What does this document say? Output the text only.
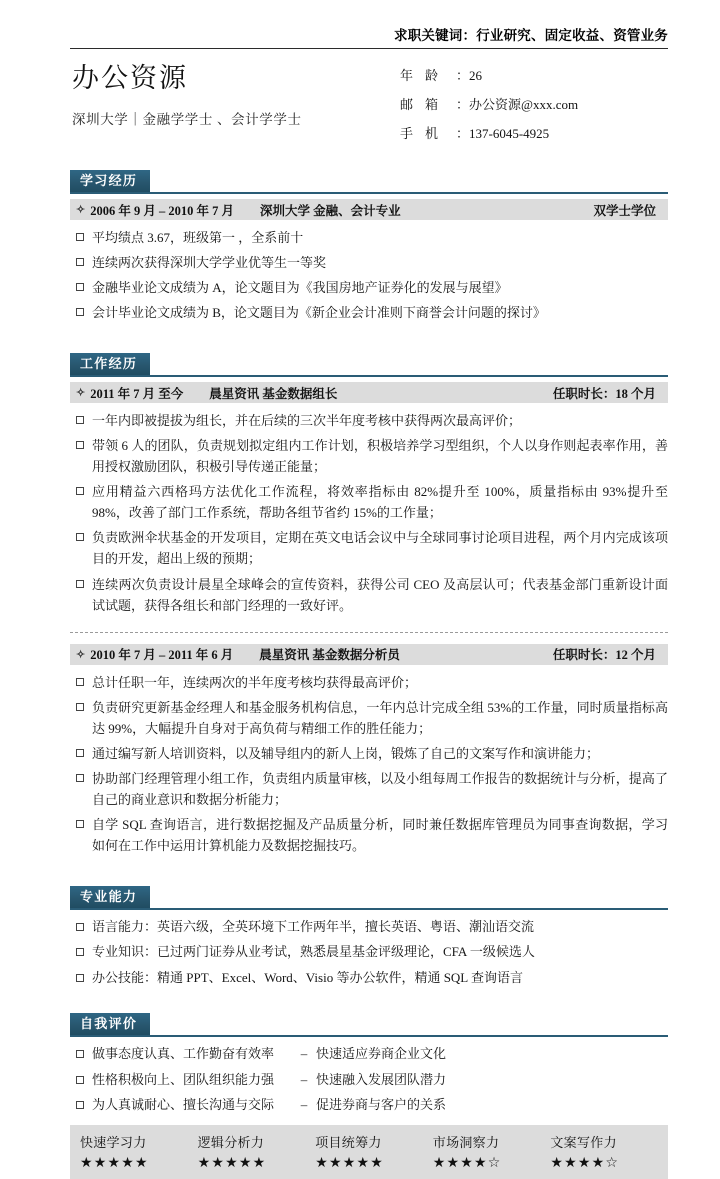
求职关键词：行业研究、固定收益、资管业务
办公资源
深圳大学｜金融学学士 、会计学学士
年龄 ： 26
邮箱 ： 办公资源@xxx.com
手机 ： 137-6045-4925
学习经历
✧ 2006 年 9 月 – 2010 年 7 月	深圳大学 金融、会计专业	双学士学位
平均绩点 3.67，班级第一 ，全系前十
连续两次获得深圳大学学业优等生一等奖
金融毕业论文成绩为 A，论文题目为《我国房地产证券化的发展与展望》
会计毕业论文成绩为 B，论文题目为《新企业会计准则下商誉会计问题的探讨》
工作经历
✧ 2011 年 7 月 至今	晨星资讯 基金数据组长	任职时长：18 个月
一年内即被提拔为组长，并在后续的三次半年度考核中获得两次最高评价；
带领 6 人的团队，负责规划拟定组内工作计划，积极培养学习型组织，个人以身作则起表率作用，善用授权激励团队，积极引导传递正能量；
应用精益六西格玛方法优化工作流程，将效率指标由 82%提升至 100%，质量指标由 93%提升至 98%，改善了部门工作系统，帮助各组节省约 15%的工作量；
负责欧洲伞状基金的开发项目，定期在英文电话会议中与全球同事讨论项目进程，两个月内完成该项目的开发，超出上级的预期；
连续两次负责设计晨星全球峰会的宣传资料，获得公司 CEO 及高层认可；代表基金部门重新设计面试试题，获得各组长和部门经理的一致好评。
✧ 2010 年 7 月 – 2011 年 6 月	晨星资讯 基金数据分析员	任职时长：12 个月
总计任职一年，连续两次的半年度考核均获得最高评价；
负责研究更新基金经理人和基金服务机构信息，一年内总计完成全组 53%的工作量，同时质量指标高达 99%，大幅提升自身对于高负荷与精细工作的胜任能力；
通过编写新人培训资料，以及辅导组内的新人上岗，锻炼了自己的文案写作和演讲能力；
协助部门经理管理小组工作，负责组内质量审核，以及小组每周工作报告的数据统计与分析，提高了自己的商业意识和数据分析能力；
自学 SQL 查询语言，进行数据挖掘及产品质量分析，同时兼任数据库管理员为同事查询数据，学习如何在工作中运用计算机能力及数据挖掘技巧。
专业能力
语言能力：英语六级，全英环境下工作两年半，擅长英语、粤语、潮汕语交流
专业知识：已过两门证券从业考试，熟悉晨星基金评级理论，CFA 一级候选人
办公技能：精通 PPT、Excel、Word、Visio 等办公软件，精通 SQL 查询语言
自我评价
做事态度认真、工作勤奋有效率	– 快速适应券商企业文化
性格积极向上、团队组织能力强	– 快速融入发展团队潜力
为人真诚耐心、擅长沟通与交际	– 促进券商与客户的关系
快速学习力
★★★★★
逻辑分析力
★★★★★
项目统筹力
★★★★★
市场洞察力
★★★★☆
文案写作力
★★★★☆
